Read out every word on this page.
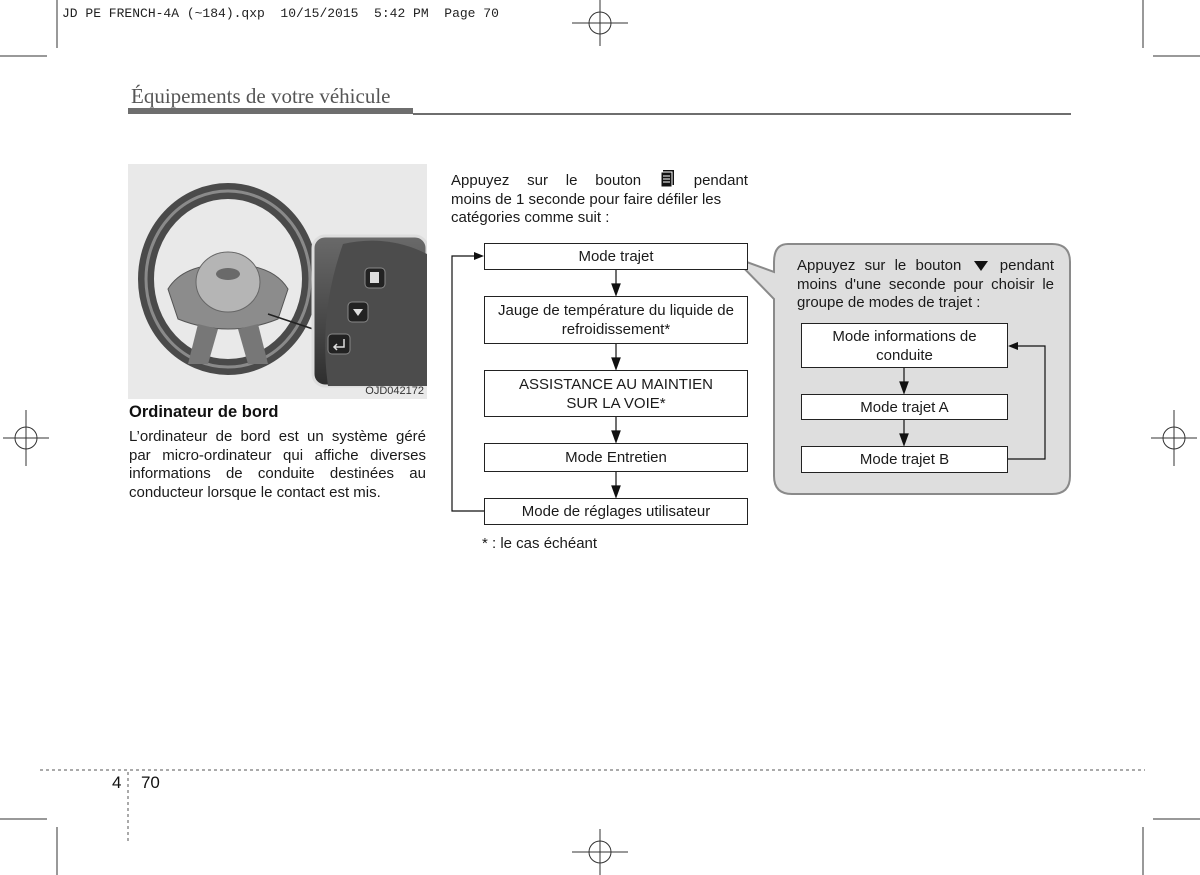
JD PE FRENCH-4A (~184).qxp  10/15/2015  5:42 PM  Page 70
Équipements de votre véhicule
OJD042172
Ordinateur de bord
L’ordinateur de bord est un système géré par micro-ordinateur qui affiche diverses informations de conduite destinées au conducteur lorsque le contact est mis.
Appuyez sur le bouton	pendant
moins de 1 seconde pour faire défiler les
catégories comme suit :
Mode trajet
Jauge de température du liquide de refroidissement*
ASSISTANCE AU MAINTIEN SUR LA VOIE*
Mode Entretien
Mode de réglages utilisateur
Appuyez sur le bouton	pendant moins d'une seconde pour choisir le groupe de modes de trajet :
Mode informations de conduite
Mode trajet A
Mode trajet B
* : le cas échéant
4 70
